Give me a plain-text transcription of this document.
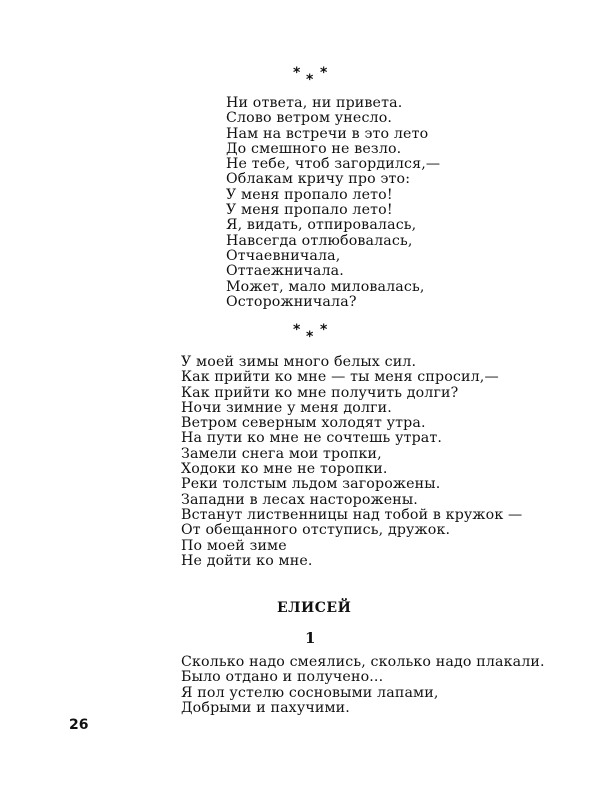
* * *
Ни ответа, ни привета.
Слово ветром унесло.
Нам на встречи в это лето
До смешного не везло.
Не тебе, чтоб загордился,—
Облакам кричу про это:
У меня пропало лето!
У меня пропало лето!
Я, видать, отпировалась,
Навсегда отлюбовалась,
Отчаевничала,
Оттаежничала.
Может, мало миловалась,
Осторожничала?
* * *
У моей зимы много белых сил.
Как прийти ко мне — ты меня спросил,—
Как прийти ко мне получить долги?
Ночи зимние у меня долги.
Ветром северным холодят утра.
На пути ко мне не сочтешь утрат.
Замели снега мои тропки,
Ходоки ко мне не торопки.
Реки толстым льдом загорожены.
Западни в лесах насторожены.
Встанут лиственницы над тобой в кружок —
От обещанного отступись, дружок.
По моей зиме
Не дойти ко мне.
ЕЛИСЕЙ
1
Сколько надо смеялись, сколько надо плакали.
Было отдано и получено...
Я пол устелю сосновыми лапами,
Добрыми и пахучими.
26
